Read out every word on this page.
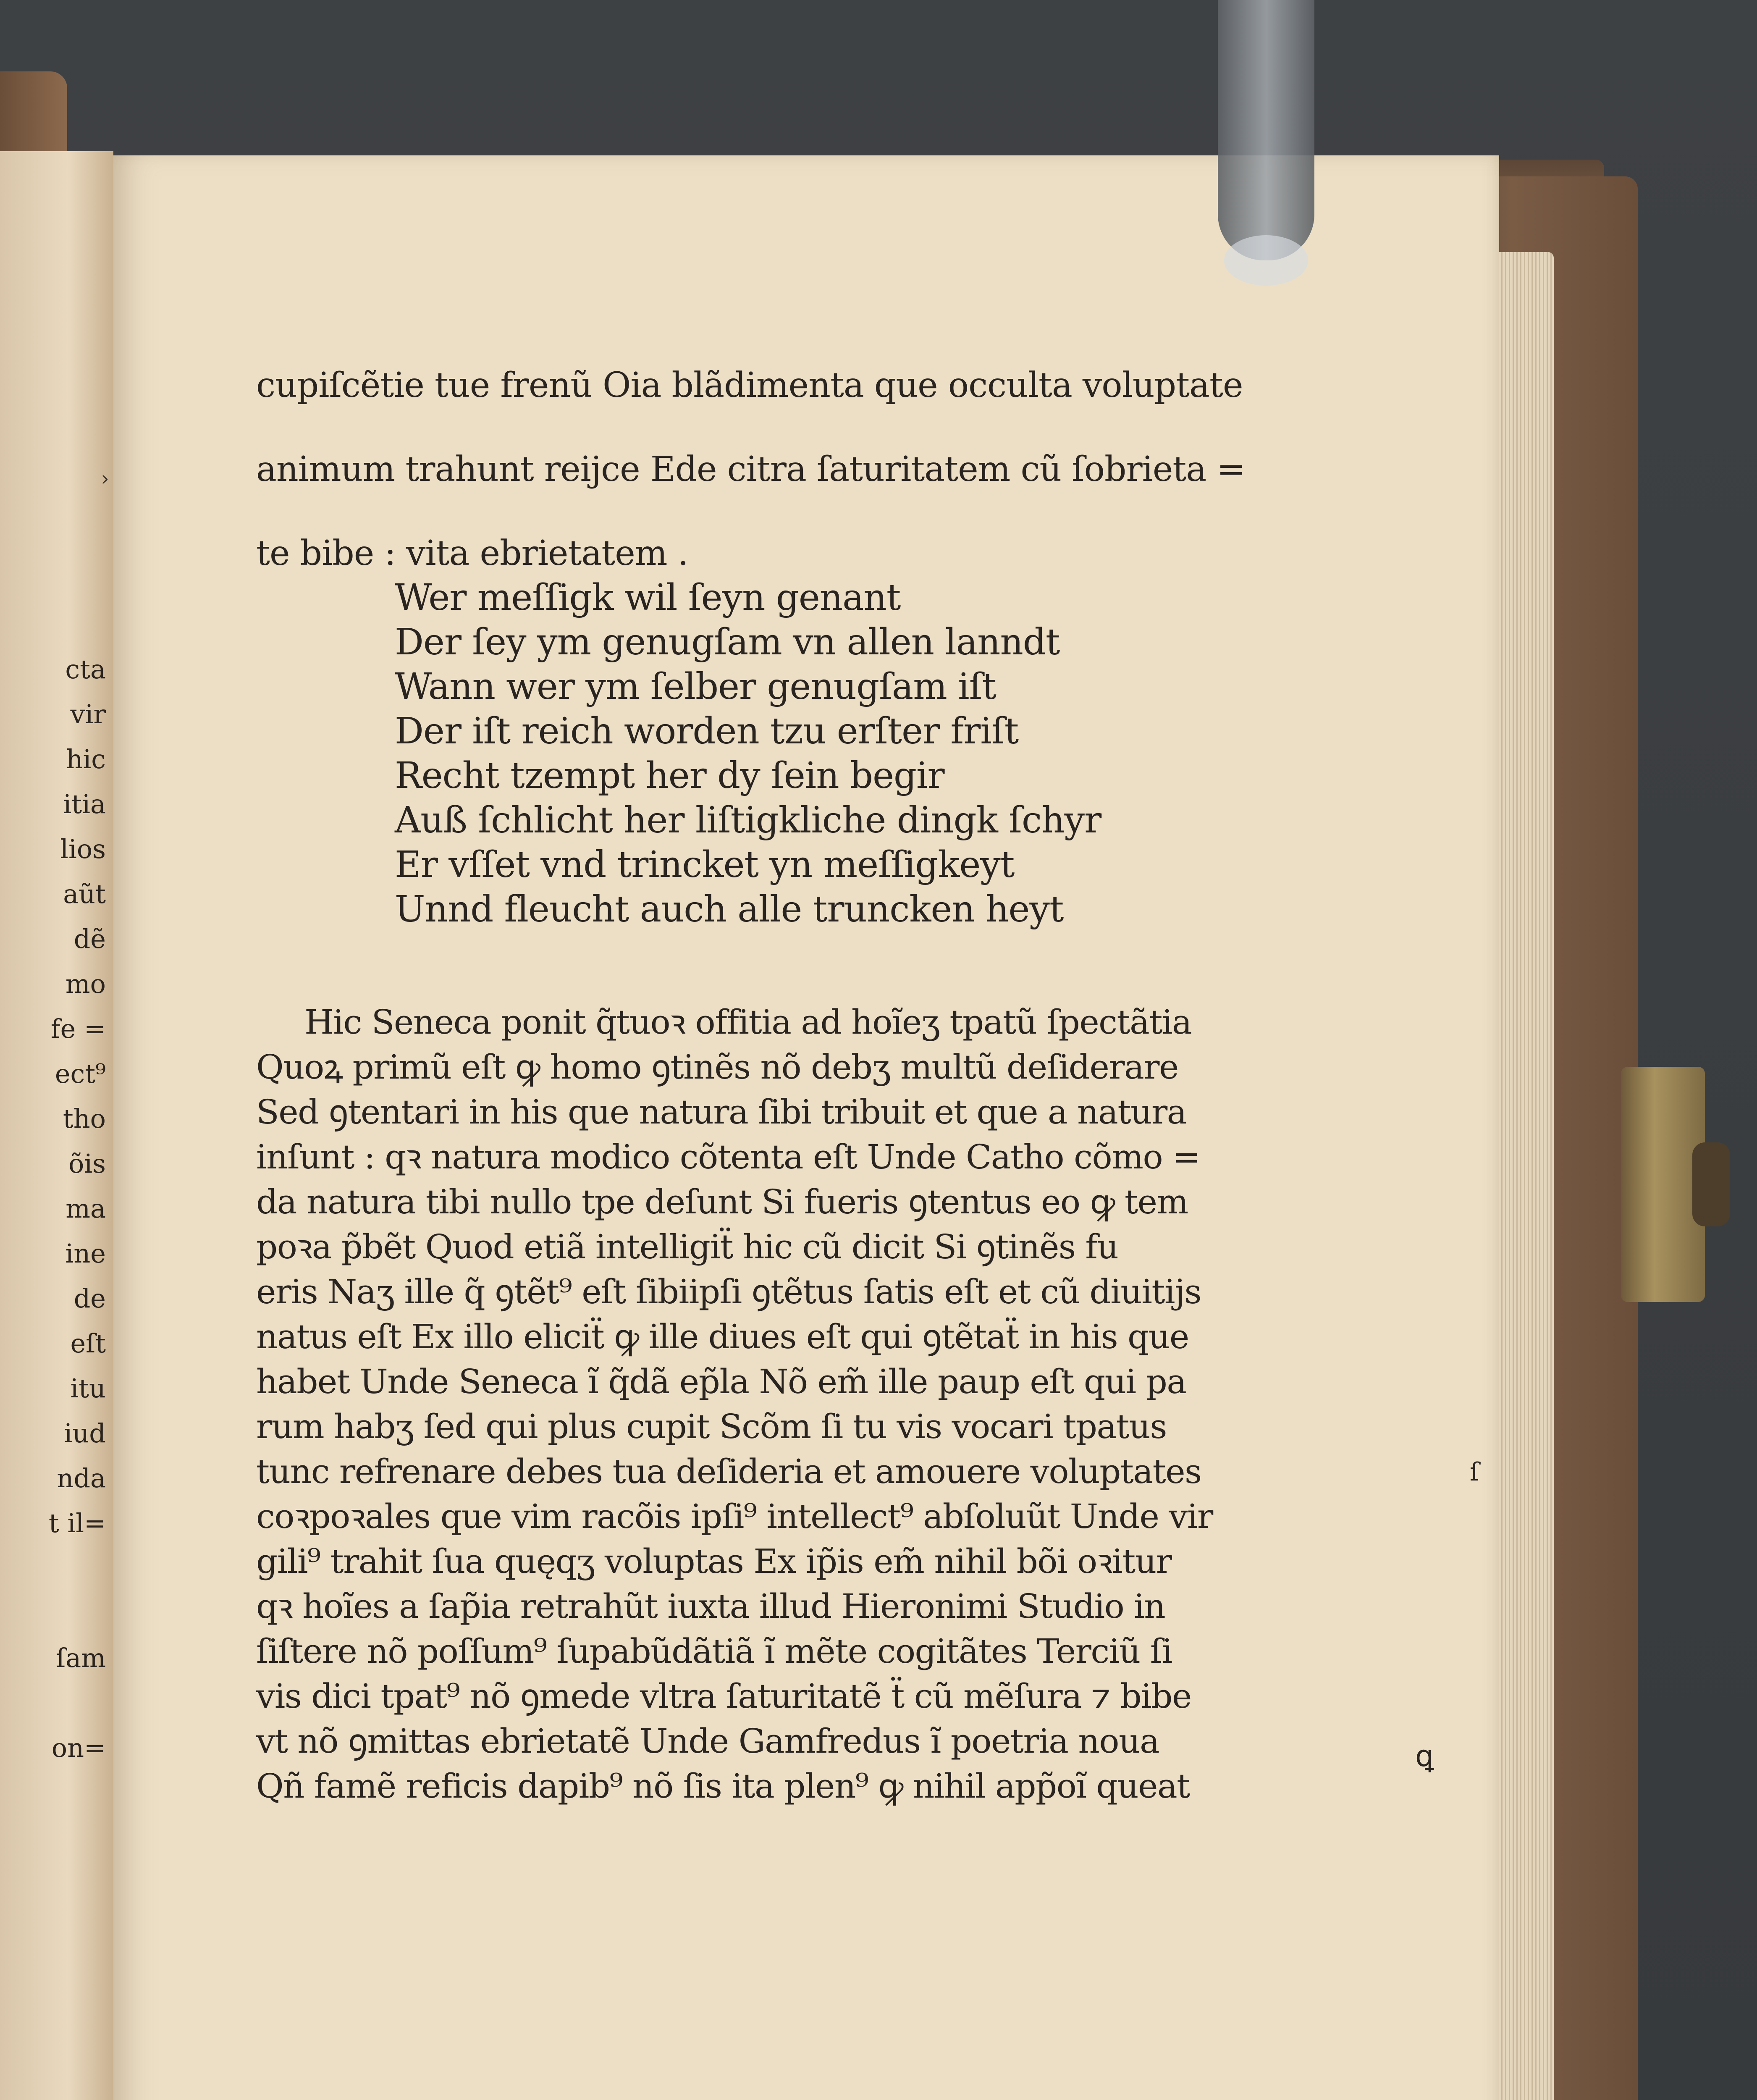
cta
vir
hic
itia
lios
aũt
dẽ
mo
fe =
ect⁹
tho
õis
ma
ine
de
eſt
itu
iud
nda
t il=
ſam
on=
›
cupiſcẽtie tue frenũ Oia blãdimenta que occulta voluptate
animum trahunt reijce Ede citra ſaturitatem cũ ſobrieta =
te bibe : vita ebrietatem .
Wer meſſigk wil ſeyn genant
Der ſey ym genugſam vn allen lanndt
Wann wer ym ſelber genugſam iſt
Der iſt reich worden tzu erſter friſt
Recht tzempt her dy ſein begir
Auß ſchlicht her liſtigkliche dingk ſchyr
Er vſſet vnd trincket yn meſſigkeyt
Unnd fleucht auch alle truncken heyt
Hic Seneca ponit q̃tuoꝛ offitia ad hoĩeʒ tpatũ ſpectãtia
Quoꝝ primũ eſt ꝙ homo ꝯtinẽs nõ debʒ multũ deſiderare
Sed ꝯtentari in his que natura ſibi tribuit et que a natura
inſunt : qꝛ natura modico cõtenta eſt Unde Catho cõmo =
da natura tibi nullo tpe deſunt Si fueris ꝯtentus eo ꝙ tem
poꝛa p̃bẽt Quod etiã intelligiẗ hic cũ dicit Si ꝯtinẽs fu
eris Naʒ ille q̃ ꝯtẽt⁹ eſt ſibiipſi ꝯtẽtus ſatis eſt et cũ diuitijs
natus eſt Ex illo eliciẗ ꝙ ille diues eſt qui ꝯtẽtaẗ in his que
habet Unde Seneca ĩ q̃dã ep̃la Nõ em̃ ille paup eſt qui pa
rum habʒ ſed qui plus cupit Scõm ſi tu vis vocari tpatus
tunc refrenare debes tua deſideria et amouere voluptates
coꝛpoꝛales que vim racõis ipſi⁹ intellect⁹ abſoluũt Unde vir
gili⁹ trahit ſua quęqʒ voluptas Ex ip̃is em̃ nihil bõi oꝛitur
qꝛ hoĩes a ſap̃ia retrahũt iuxta illud Hieronimi Studio in
ſiſtere nõ poſſum⁹ ſupabũdãtiã ĩ mẽte cogitãtes Terciũ ſi
vis dici tpat⁹ nõ ꝯmede vltra ſaturitatẽ ẗ cũ mẽſura ⁊ bibe
vt nõ ꝯmittas ebrietatẽ Unde Gamfredus ĩ poetria noua
Qñ famẽ reficis dapib⁹ nõ ſis ita plen⁹ ꝙ nihil app̃oĩ queat
ſ
ꝗ
